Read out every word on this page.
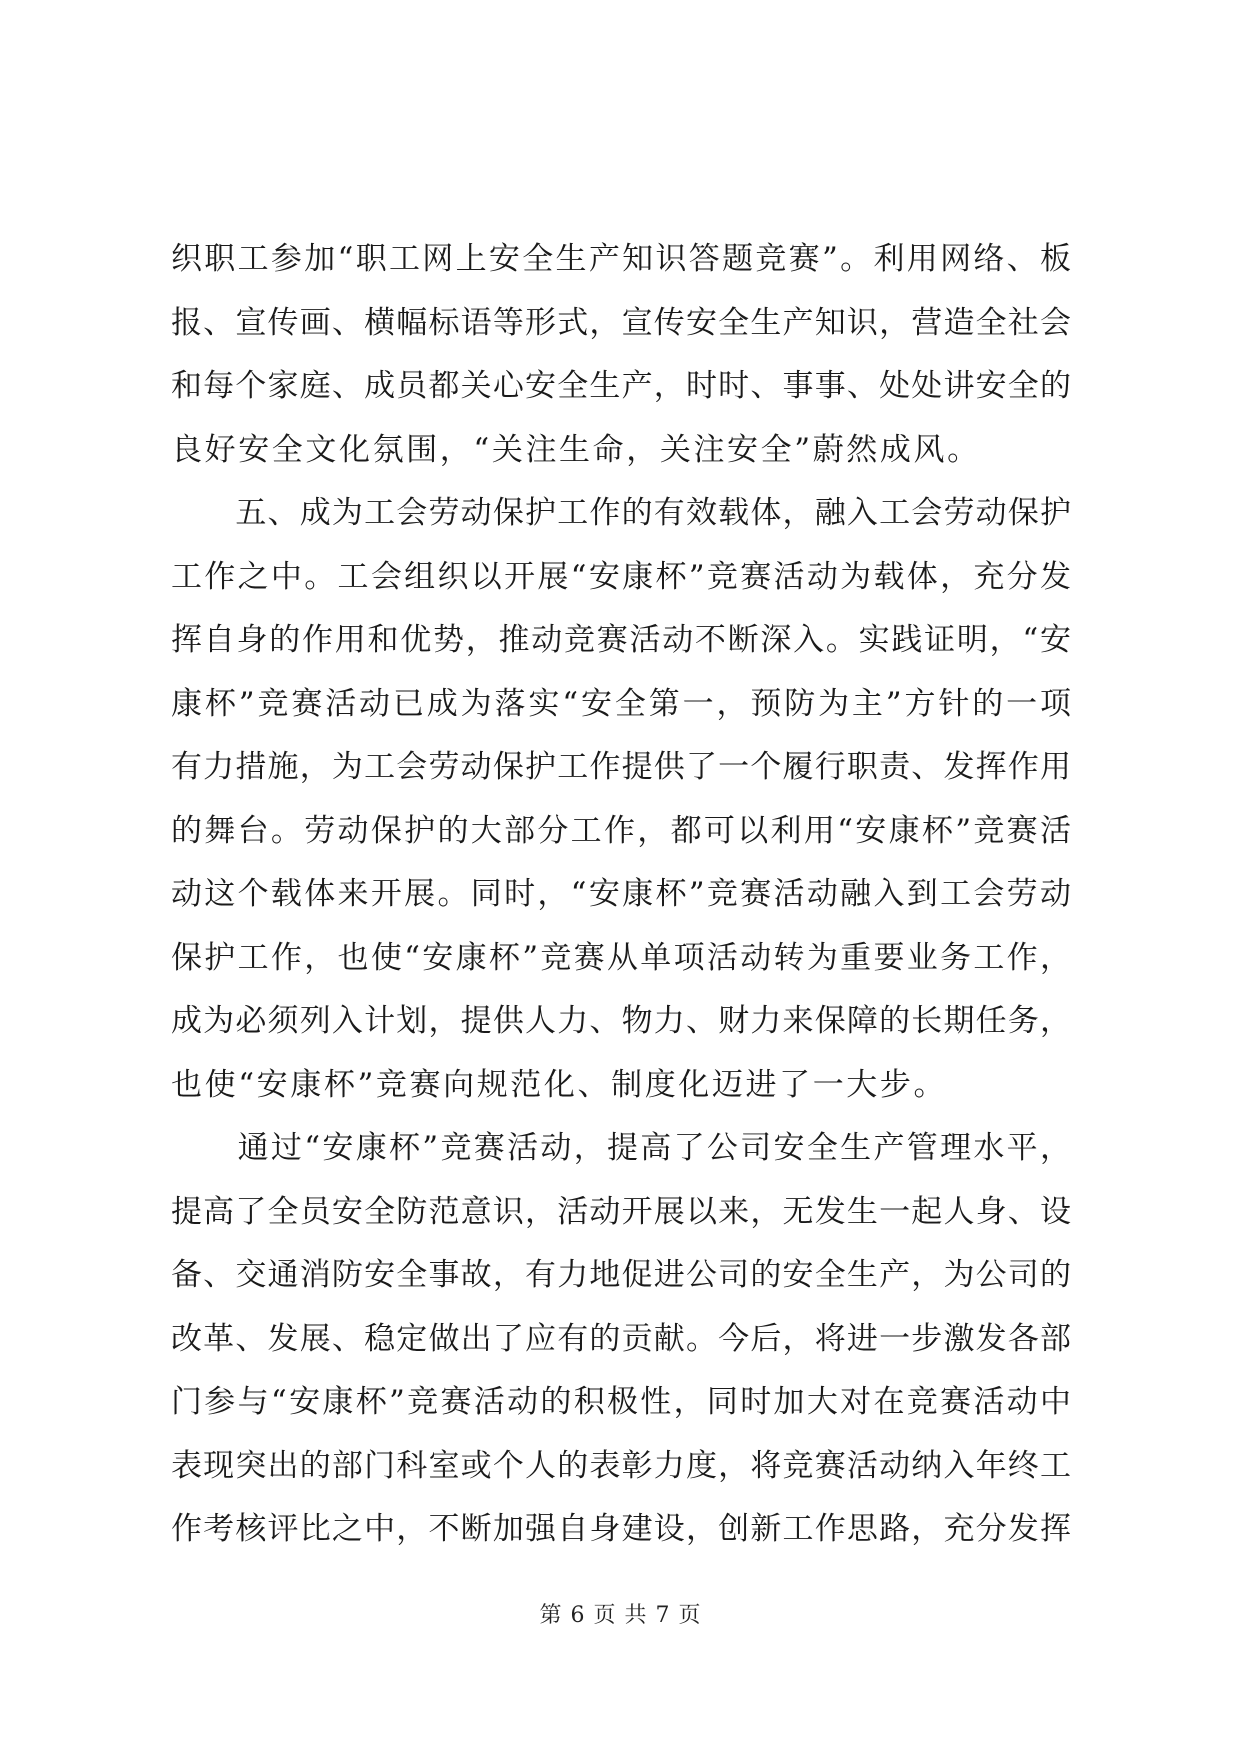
织职工参加“职工网上安全生产知识答题竞赛”。利用网络、板
报、宣传画、横幅标语等形式，宣传安全生产知识，营造全社会
和每个家庭、成员都关心安全生产，时时、事事、处处讲安全的
良好安全文化氛围，“关注生命，关注安全”蔚然成风。
　　五、成为工会劳动保护工作的有效载体，融入工会劳动保护
工作之中。工会组织以开展“安康杯”竞赛活动为载体，充分发
挥自身的作用和优势，推动竞赛活动不断深入。实践证明，“安
康杯”竞赛活动已成为落实“安全第一，预防为主”方针的一项
有力措施，为工会劳动保护工作提供了一个履行职责、发挥作用
的舞台。劳动保护的大部分工作，都可以利用“安康杯”竞赛活
动这个载体来开展。同时，“安康杯”竞赛活动融入到工会劳动
保护工作，也使“安康杯”竞赛从单项活动转为重要业务工作，
成为必须列入计划，提供人力、物力、财力来保障的长期任务，
也使“安康杯”竞赛向规范化、制度化迈进了一大步。
　　通过“安康杯”竞赛活动，提高了公司安全生产管理水平，
提高了全员安全防范意识，活动开展以来，无发生一起人身、设
备、交通消防安全事故，有力地促进公司的安全生产，为公司的
改革、发展、稳定做出了应有的贡献。今后，将进一步激发各部
门参与“安康杯”竞赛活动的积极性，同时加大对在竞赛活动中
表现突出的部门科室或个人的表彰力度，将竞赛活动纳入年终工
作考核评比之中，不断加强自身建设，创新工作思路，充分发挥
第 6 页 共 7 页
